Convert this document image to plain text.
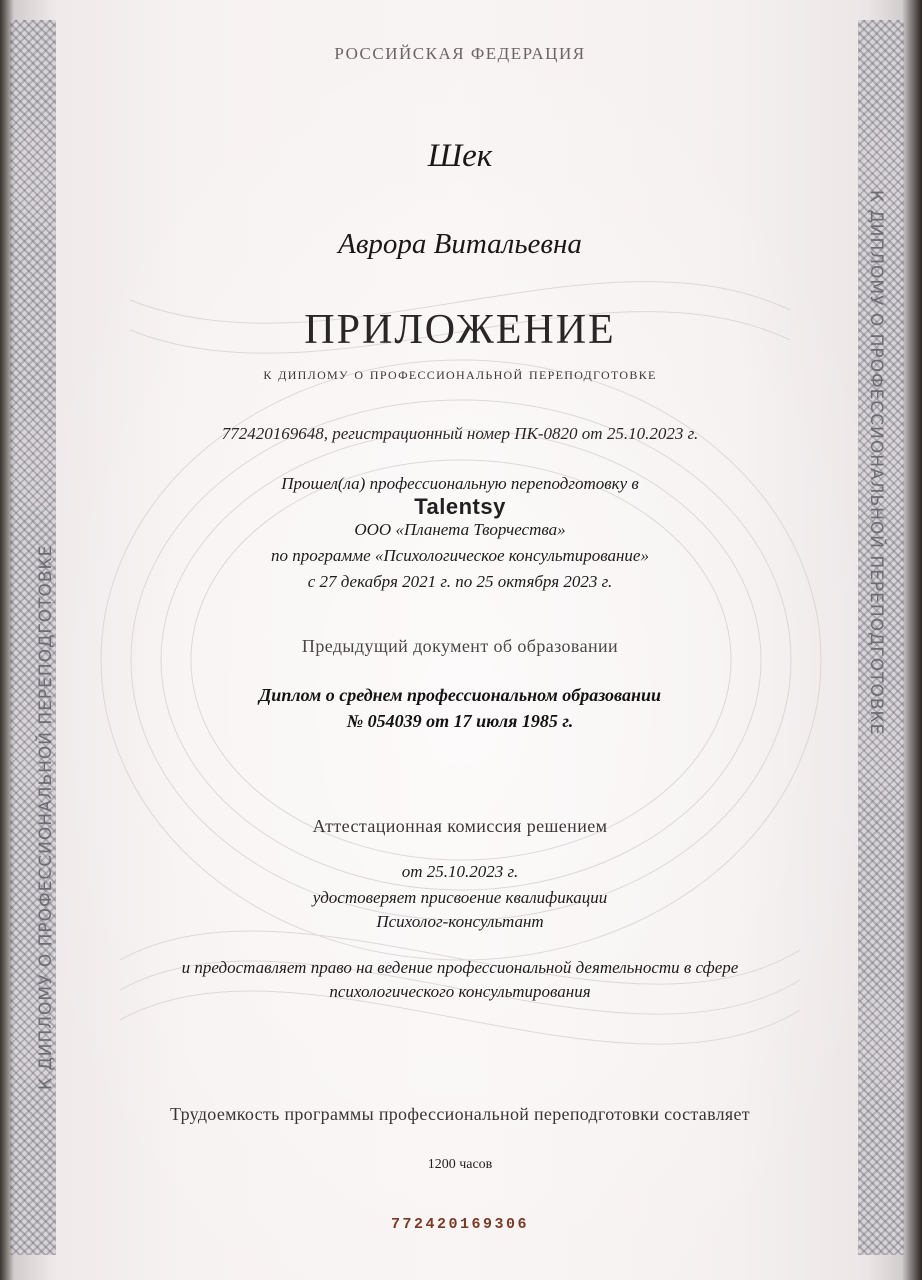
К ДИПЛОМУ О ПРОФЕССИОНАЛЬНОЙ ПЕРЕПОДГОТОВКЕ
К ДИПЛОМУ О ПРОФЕССИОНАЛЬНОЙ ПЕРЕПОДГОТОВКЕ
РОССИЙСКАЯ ФЕДЕРАЦИЯ
Шек
Аврора Витальевна
ПРИЛОЖЕНИЕ
к диплому о профессиональной переподготовке
772420169648, регистрационный номер ПК-0820 от 25.10.2023 г.
Прошел(ла) профессиональную переподготовку в
Talentsy
ООО «Планета Творчества»
по программе «Психологическое консультирование»
с 27 декабря 2021 г. по 25 октября 2023 г.
Предыдущий документ об образовании
Диплом о среднем профессиональном образовании
№ 054039 от 17 июля 1985 г.
Аттестационная комиссия решением
от 25.10.2023 г.
удостоверяет присвоение квалификации
Психолог-консультант
и предоставляет право на ведение профессиональной деятельности в сфере
психологического консультирования
Трудоемкость программы профессиональной переподготовки составляет
1200 часов
772420169306
